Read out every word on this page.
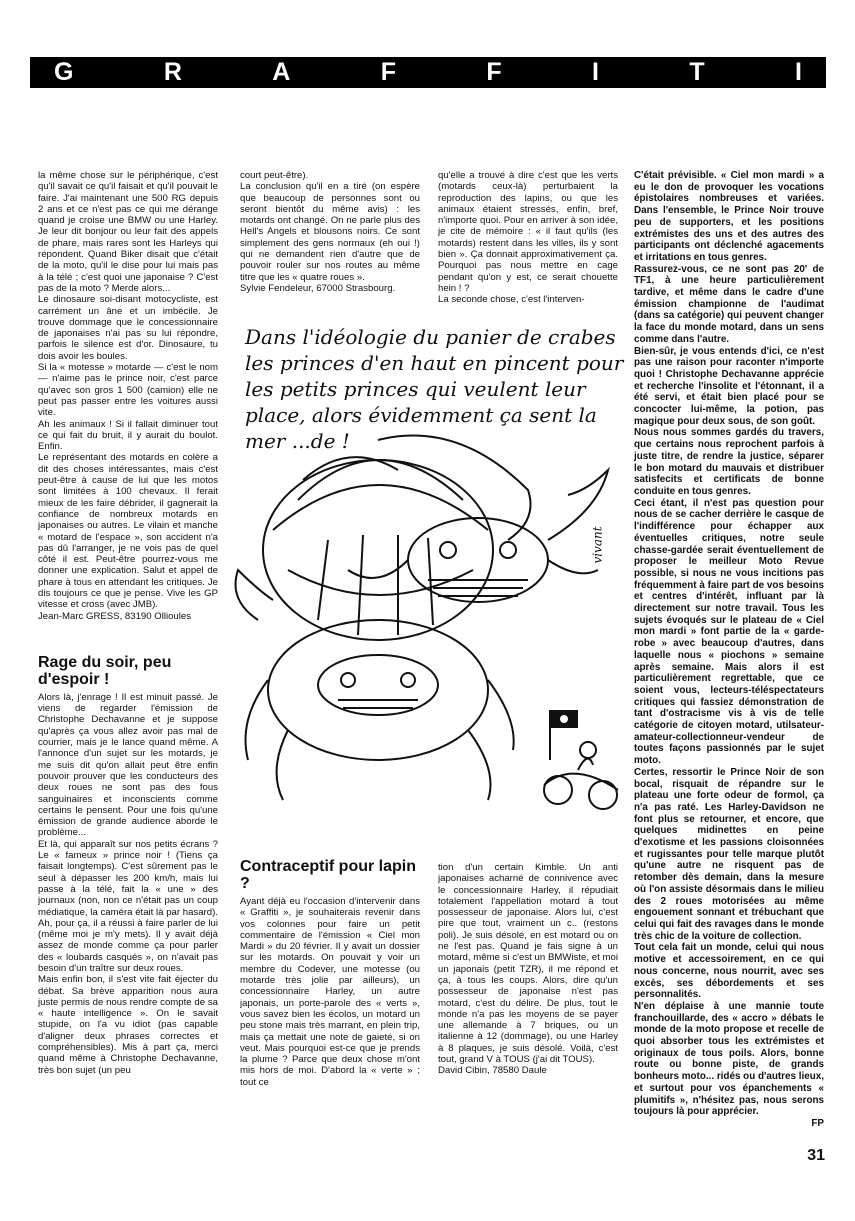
G	R	A	F	F	I	T	I

la même chose sur le périphérique, c'est qu'il savait ce qu'il faisait et qu'il pouvait le faire. J'ai maintenant une 500 RG depuis 2 ans et ce n'est pas ce qui me dérange quand je croise une BMW ou une Harley. Je leur dit bonjour ou leur fait des appels de phare, mais rares sont les Harleys qui répondent. Quand Biker disait que c'était de la moto, qu'il le dise pour lui mais pas à la télé ; c'est quoi une japonaise ? C'est pas de la moto ? Merde alors...

Le dinosaure soi-disant motocycliste, est carrément un âne et un imbécile. Je trouve dommage que le concessionnaire de japonaises n'ai pas su lui répondre, parfois le silence est d'or. Dinosaure, tu dois avoir les boules.

Si la « motesse » motarde — c'est le nom — n'aime pas le prince noir, c'est parce qu'avec son gros 1 500 (camion) elle ne peut pas passer entre les voitures aussi vite.

Ah les animaux ! Si il fallait diminuer tout ce qui fait du bruit, il y aurait du boulot. Enfin.

Le représentant des motards en colère a dit des choses intéressantes, mais c'est peut-être à cause de lui que les motos sont limitées à 100 chevaux. Il ferait mieux de les faire débrider, il gagnerait la confiance de nombreux motards en japonaises ou autres. Le vilain et manche « motard de l'espace », son accident n'a pas dû l'arranger, je ne vois pas de quel côté il est. Peut-être pourrez-vous me donner une explication. Salut et appel de phare à tous en attendant les critiques. Je dis toujours ce que je pense. Vive les GP vitesse et cross (avec JMB).

Jean-Marc GRESS, 83190 Ollioules

Rage du soir, peu d'espoir !

Alors là, j'enrage ! Il est minuit passé. Je viens de regarder l'émission de Christophe Dechavanne et je suppose qu'après ça vous allez avoir pas mal de courrier, mais je le lance quand même. A l'annonce d'un sujet sur les motards, je me suis dit qu'on allait peut être enfin pouvoir prouver que les conducteurs des deux roues ne sont pas des fous sanguinaires et inconscients comme certains le pensent. Pour une fois qu'une émission de grande audience aborde le problème...

Et là, qui apparaît sur nos petits écrans ? Le « fameux » prince noir ! (Tiens ça faisait longtemps). C'est sûrement pas le seul à dépasser les 200 km/h, mais lui passe à la télé, fait la « une » des journaux (non, non ce n'était pas un coup médiatique, la caméra était là par hasard). Ah, pour ça, il a réussi à faire parler de lui (même moi je m'y mets). Il y avait déjà assez de monde comme ça pour parler des « loubards casqués », on n'avait pas besoin d'un traître sur deux roues.

Mais enfin bon, il s'est vite fait éjecter du débat. Sa brève apparition nous aura juste permis de nous rendre compte de sa « haute intelligence ». On le savait stupide, on l'a vu idiot (pas capable d'aligner deux phrases correctes et compréhensibles). Mis à part ça, merci quand même à Christophe Dechavanne, très bon sujet (un peu

court peut-être).

La conclusion qu'il en a tiré (on espère que beaucoup de personnes sont ou seront bientôt du même avis) : les motards ont changé. On ne parle plus des Hell's Angels et blousons noirs. Ce sont simplement des gens normaux (eh oui !) qui ne demandent rien d'autre que de pouvoir rouler sur nos routes au même titre que les « quatre roues ».

Sylvie Fendeleur, 67000 Strasbourg.

qu'elle a trouvé à dire c'est que les verts (motards ceux-là) perturbaient la reproduction des lapins, ou que les animaux étaient stressés, enfin, bref, n'importe quoi. Pour en arriver à son idée, je cite de mémoire : « il faut qu'ils (les motards) restent dans les villes, ils y sont bien ». Ça donnait approximativement ça. Pourquoi pas nous mettre en cage pendant qu'on y est, ce serait chouette hein ! ?

La seconde chose, c'est l'interven-

Dans l'idéologie du panier de crabes les princes d'en haut en pincent pour les petits princes qui veulent leur place, alors évidemment ça sent la mer ...de !
vivant
Contraceptif pour lapin ?

Ayant déjà eu l'occasion d'intervenir dans « Graffiti », je souhaiterais revenir dans vos colonnes pour faire un petit commentaire de l'émission « Ciel mon Mardi » du 20 février. Il y avait un dossier sur les motards. On pouvait y voir un membre du Codever, une motesse (ou motarde très jolie par ailleurs), un concessionnaire Harley, un autre japonais, un porte-parole des « verts », vous savez bien les écolos, un motard un peu stone mais très marrant, en plein trip, mais ça mettait une note de gaieté, si on veut. Mais pourquoi est-ce que je prends la plume ? Parce que deux chose m'ont mis hors de moi. D'abord la « verte » ; tout ce

tion d'un certain Kimble. Un anti japonaises acharné de connivence avec le concessionnaire Harley, il répudiait totalement l'appellation motard à tout possesseur de japonaise. Alors lui, c'est pire que tout, vraiment un c.. (restons poli). Je suis désolé, en est motard ou on ne l'est pas. Quand je fais signe à un motard, même si c'est un BMWiste, et moi un japonais (petit TZR), il me répond et ça, à tous les coups. Alors, dire qu'un possesseur de japonaise n'est pas motard, c'est du délire. De plus, tout le monde n'a pas les moyens de se payer une allemande à 7 briques, ou un italienne à 12 (dommage), ou une Harley à 8 plaques, je suis désolé. Voilà, c'est tout, grand V à TOUS (j'ai dit TOUS).

David Cibin, 78580 Daule

C'était prévisible. « Ciel mon mardi » a eu le don de provoquer les vocations épistolaires nombreuses et variées. Dans l'ensemble, le Prince Noir trouve peu de supporters, et les positions extrémistes des uns et des autres des participants ont déclenché agacements et irritations en tous genres.

Rassurez-vous, ce ne sont pas 20' de TF1, à une heure particulièrement tardive, et même dans le cadre d'une émission championne de l'audimat (dans sa catégorie) qui peuvent changer la face du monde motard, dans un sens comme dans l'autre.

Bien-sûr, je vous entends d'ici, ce n'est pas une raison pour raconter n'importe quoi ! Christophe Dechavanne apprécie et recherche l'insolite et l'étonnant, il a été servi, et était bien placé pour se concocter lui-même, la potion, pas magique pour deux sous, de son goût.

Nous nous sommes gardés du travers, que certains nous reprochent parfois à juste titre, de rendre la justice, séparer le bon motard du mauvais et distribuer satisfecits et certificats de bonne conduite en tous genres.

Ceci étant, il n'est pas question pour nous de se cacher derrière le casque de l'indifférence pour échapper aux éventuelles critiques, notre seule chasse-gardée serait éventuellement de proposer le meilleur Moto Revue possible, si nous ne vous incitions pas fréquemment à faire part de vos besoins et centres d'intérêt, influant par là directement sur notre travail. Tous les sujets évoqués sur le plateau de « Ciel mon mardi » font partie de la « garde-robe » avec beaucoup d'autres, dans laquelle nous « piochons » semaine après semaine. Mais alors il est particulièrement regrettable, que ce soient vous, lecteurs-téléspectateurs critiques qui fassiez démonstration de tant d'ostracisme vis à vis de telle catégorie de citoyen motard, utilsateur-amateur-collectionneur-vendeur de toutes façons passionnés par le sujet moto.

Certes, ressortir le Prince Noir de son bocal, risquait de répandre sur le plateau une forte odeur de formol, ça n'a pas raté. Les Harley-Davidson ne font plus se retourner, et encore, que quelques midinettes en peine d'exotisme et les passions cloisonnées et rugissantes pour telle marque plutôt qu'une autre ne risquent pas de retomber dès demain, dans la mesure où l'on assiste désormais dans le milieu des 2 roues motorisées au même engouement sonnant et trébuchant que celui qui fait des ravages dans le monde très chic de la voiture de collection.

Tout cela fait un monde, celui qui nous motive et accessoirement, en ce qui nous concerne, nous nourrit, avec ses excès, ses débordements et ses personnalités.

N'en déplaise à une mannie toute franchouillarde, des « accro » débats le monde de la moto propose et recelle de quoi absorber tous les extrémistes et originaux de tous poils. Alors, bonne route ou bonne piste, de grands bonheurs moto... ridés ou d'autres lieux, et surtout pour vos épanchements « plumitifs », n'hésitez pas, nous serons toujours là pour apprécier.

FP

31
